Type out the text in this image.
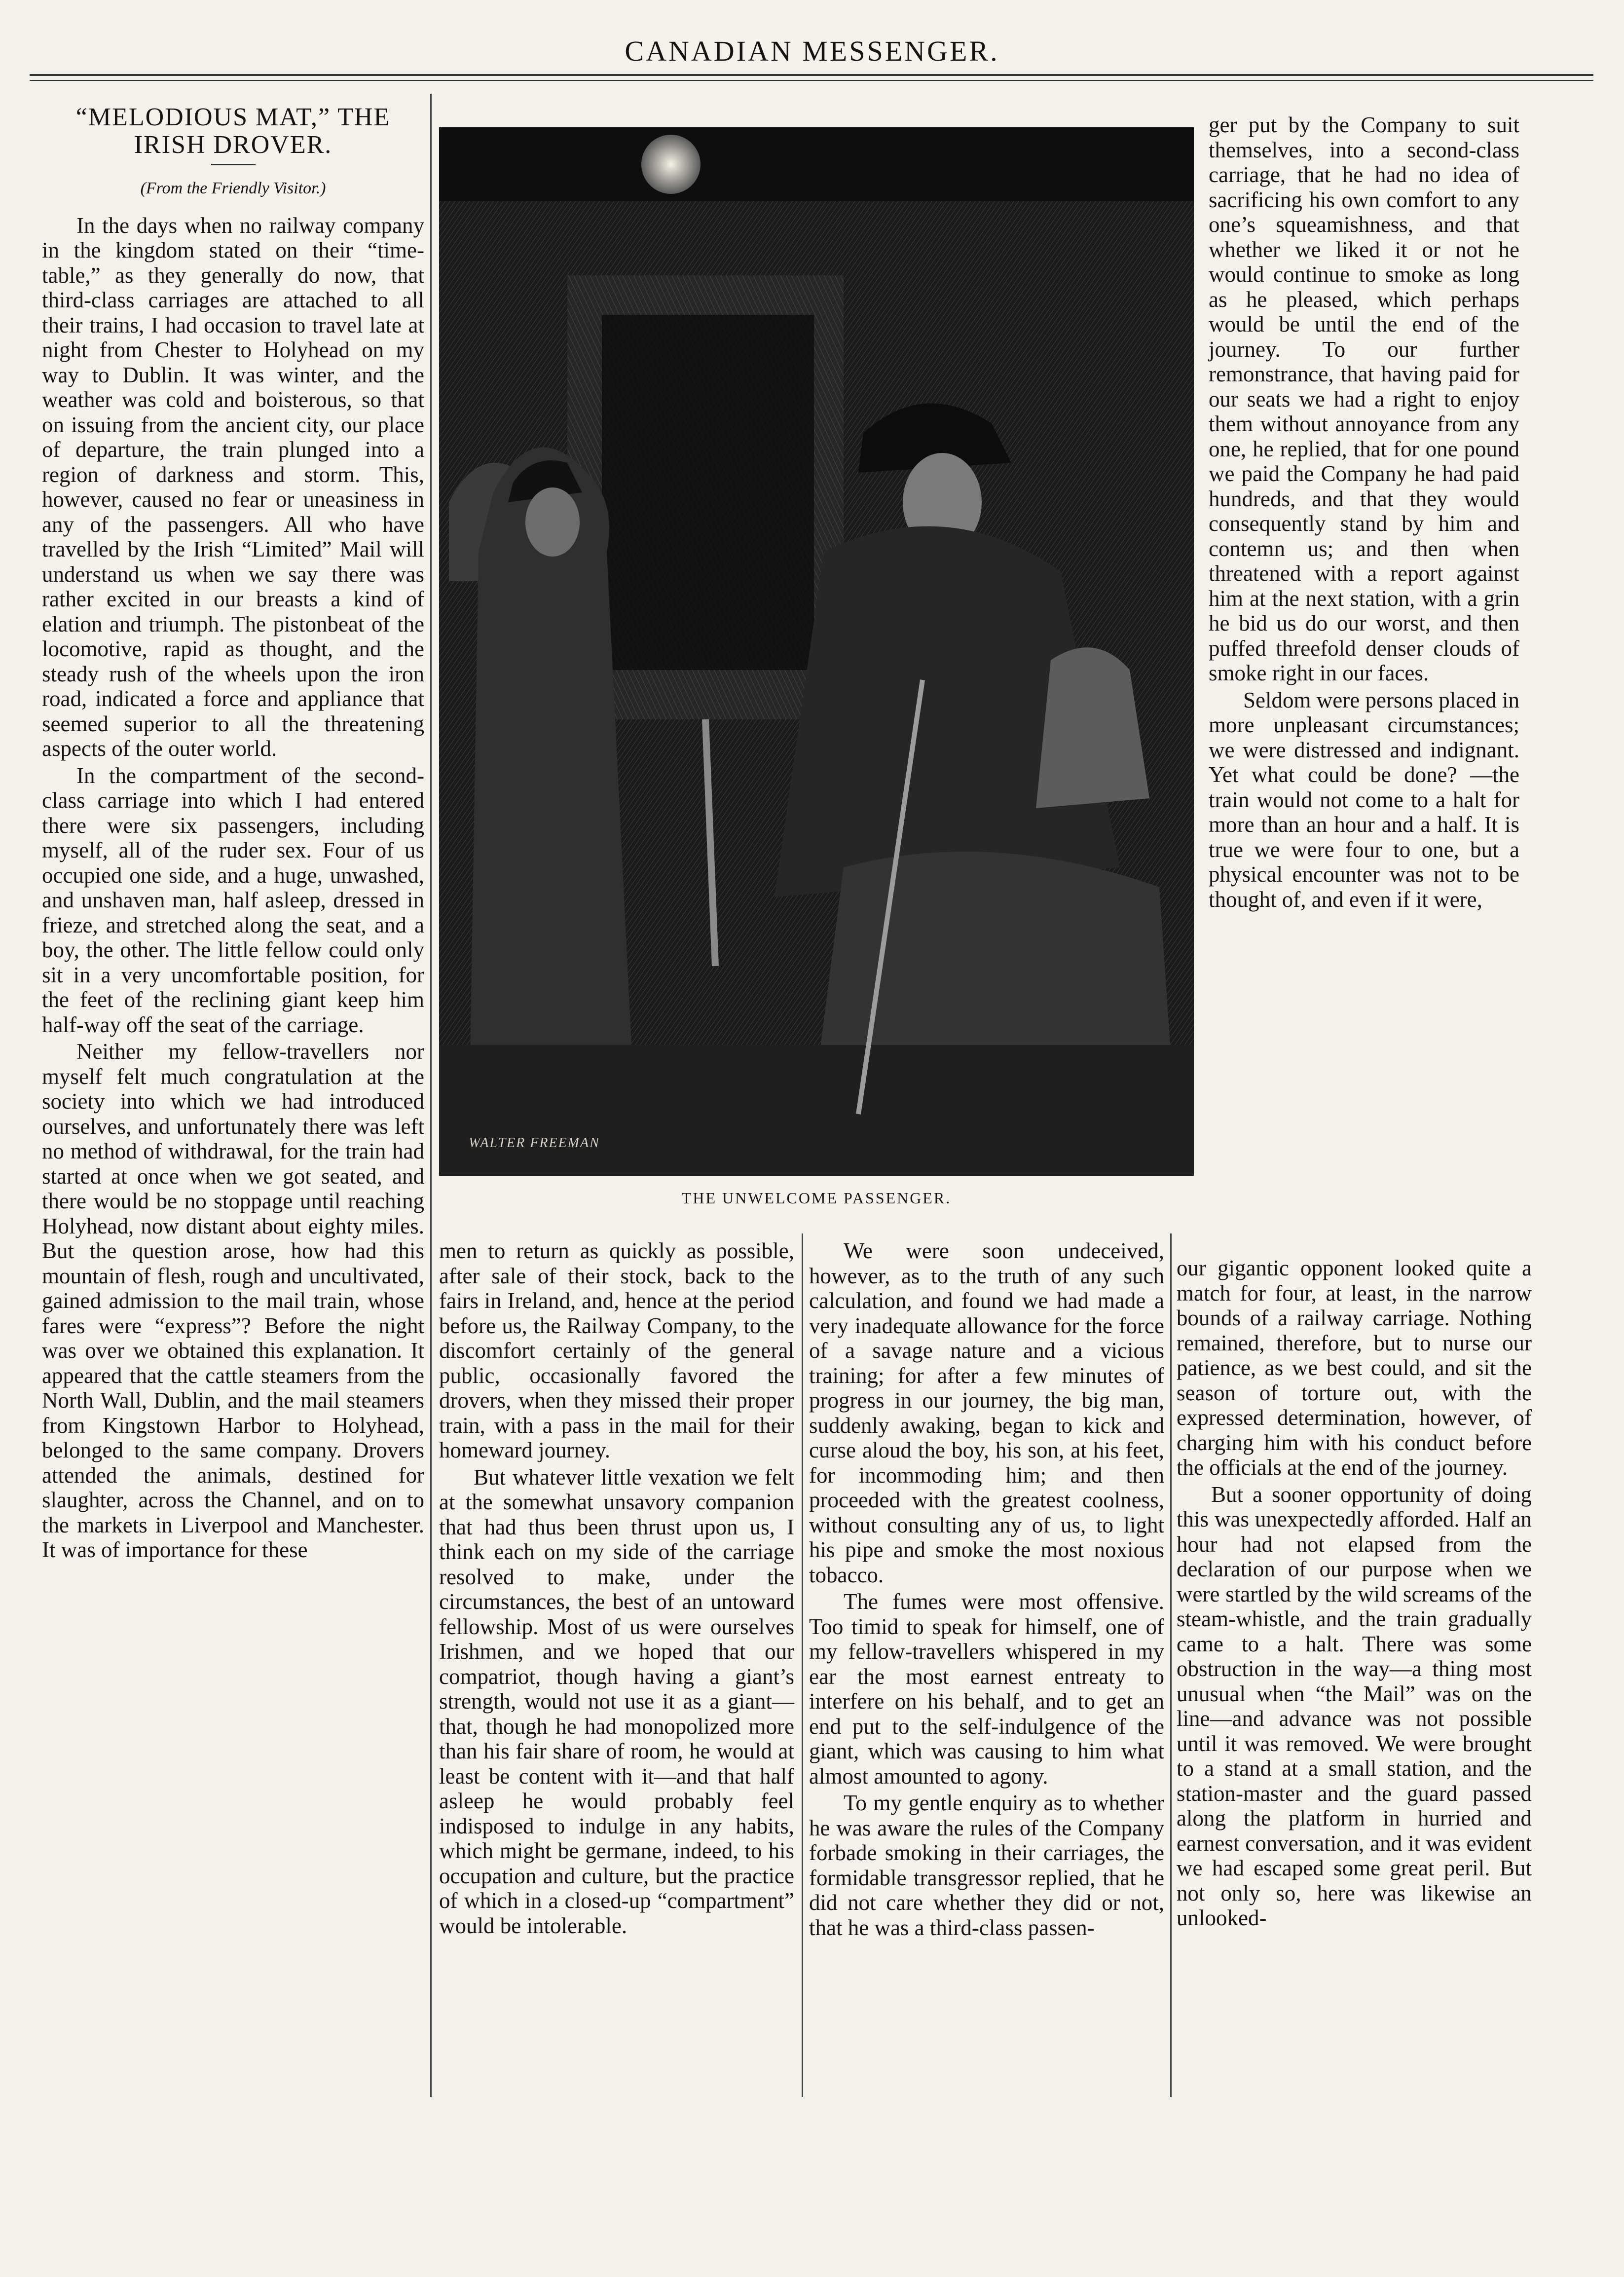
CANADIAN MESSENGER.
“MELODIOUS MAT,” THE
IRISH DROVER.
(From the Friendly Visitor.)

In the days when no railway company in the kingdom stated on their “time-table,” as they generally do now, that third-class carriages are attached to all their trains, I had occasion to travel late at night from Chester to Holyhead on my way to Dublin. It was winter, and the weather was cold and boisterous, so that on issuing from the ancient city, our place of departure, the train plunged into a region of darkness and storm. This, however, caused no fear or uneasiness in any of the passengers. All who have travelled by the Irish “Limited” Mail will understand us when we say there was rather excited in our breasts a kind of elation and triumph. The pistonbeat of the locomotive, rapid as thought, and the steady rush of the wheels upon the iron road, indicated a force and appliance that seemed superior to all the threatening aspects of the outer world.

In the compartment of the second-class carriage into which I had entered there were six passengers, including myself, all of the ruder sex. Four of us occupied one side, and a huge, unwashed, and unshaven man, half asleep, dressed in frieze, and stretched along the seat, and a boy, the other. The little fellow could only sit in a very uncomfortable position, for the feet of the reclining giant keep him half-way off the seat of the carriage.

Neither my fellow-travellers nor myself felt much congratulation at the society into which we had introduced ourselves, and unfortunately there was left no method of withdrawal, for the train had started at once when we got seated, and there would be no stoppage until reaching Holyhead, now distant about eighty miles. But the question arose, how had this mountain of flesh, rough and uncultivated, gained admission to the mail train, whose fares were “express”? Before the night was over we obtained this explanation. It appeared that the cattle steamers from the North Wall, Dublin, and the mail steamers from Kingstown Harbor to Holyhead, belonged to the same company. Drovers attended the animals, destined for slaughter, across the Channel, and on to the markets in Liverpool and Manchester. It was of importance for these

WALTER FREEMAN
THE UNWELCOME PASSENGER.

men to return as quickly as possible, after sale of their stock, back to the fairs in Ireland, and, hence at the period before us, the Railway Company, to the discomfort certainly of the general public, occasionally favored the drovers, when they missed their proper train, with a pass in the mail for their homeward journey.

But whatever little vexation we felt at the somewhat unsavory companion that had thus been thrust upon us, I think each on my side of the carriage resolved to make, under the circumstances, the best of an untoward fellowship. Most of us were ourselves Irishmen, and we hoped that our compatriot, though having a giant’s strength, would not use it as a giant—that, though he had monopolized more than his fair share of room, he would at least be content with it—and that half asleep he would probably feel indisposed to indulge in any habits, which might be germane, indeed, to his occupation and culture, but the practice of which in a closed-up “compartment” would be intolerable.

We were soon undeceived, however, as to the truth of any such calculation, and found we had made a very inadequate allowance for the force of a savage nature and a vicious training; for after a few minutes of progress in our journey, the big man, suddenly awaking, began to kick and curse aloud the boy, his son, at his feet, for incommoding him; and then proceeded with the greatest coolness, without consulting any of us, to light his pipe and smoke the most noxious tobacco.

The fumes were most offensive. Too timid to speak for himself, one of my fellow-travellers whispered in my ear the most earnest entreaty to interfere on his behalf, and to get an end put to the self-indulgence of the giant, which was causing to him what almost amounted to agony.

To my gentle enquiry as to whether he was aware the rules of the Company forbade smoking in their carriages, the formidable transgressor replied, that he did not care whether they did or not, that he was a third-class passen-

ger put by the Company to suit themselves, into a second-class carriage, that he had no idea of sacrificing his own comfort to any one’s squeamishness, and that whether we liked it or not he would continue to smoke as long as he pleased, which perhaps would be until the end of the journey. To our further remonstrance, that having paid for our seats we had a right to enjoy them without annoyance from any one, he replied, that for one pound we paid the Company he had paid hundreds, and that they would consequently stand by him and contemn us; and then when threatened with a report against him at the next station, with a grin he bid us do our worst, and then puffed threefold denser clouds of smoke right in our faces.

Seldom were persons placed in more unpleasant circumstances; we were distressed and indignant. Yet what could be done? —the train would not come to a halt for more than an hour and a half. It is true we were four to one, but a physical encounter was not to be thought of, and even if it were,

our gigantic opponent looked quite a match for four, at least, in the narrow bounds of a railway carriage. Nothing remained, therefore, but to nurse our patience, as we best could, and sit the season of torture out, with the expressed determination, however, of charging him with his conduct before the officials at the end of the journey.

But a sooner opportunity of doing this was unexpectedly afforded. Half an hour had not elapsed from the declaration of our purpose when we were startled by the wild screams of the steam-whistle, and the train gradually came to a halt. There was some obstruction in the way—a thing most unusual when “the Mail” was on the line—and advance was not possible until it was removed. We were brought to a stand at a small station, and the station-master and the guard passed along the platform in hurried and earnest conversation, and it was evident we had escaped some great peril. But not only so, here was likewise an unlooked-
